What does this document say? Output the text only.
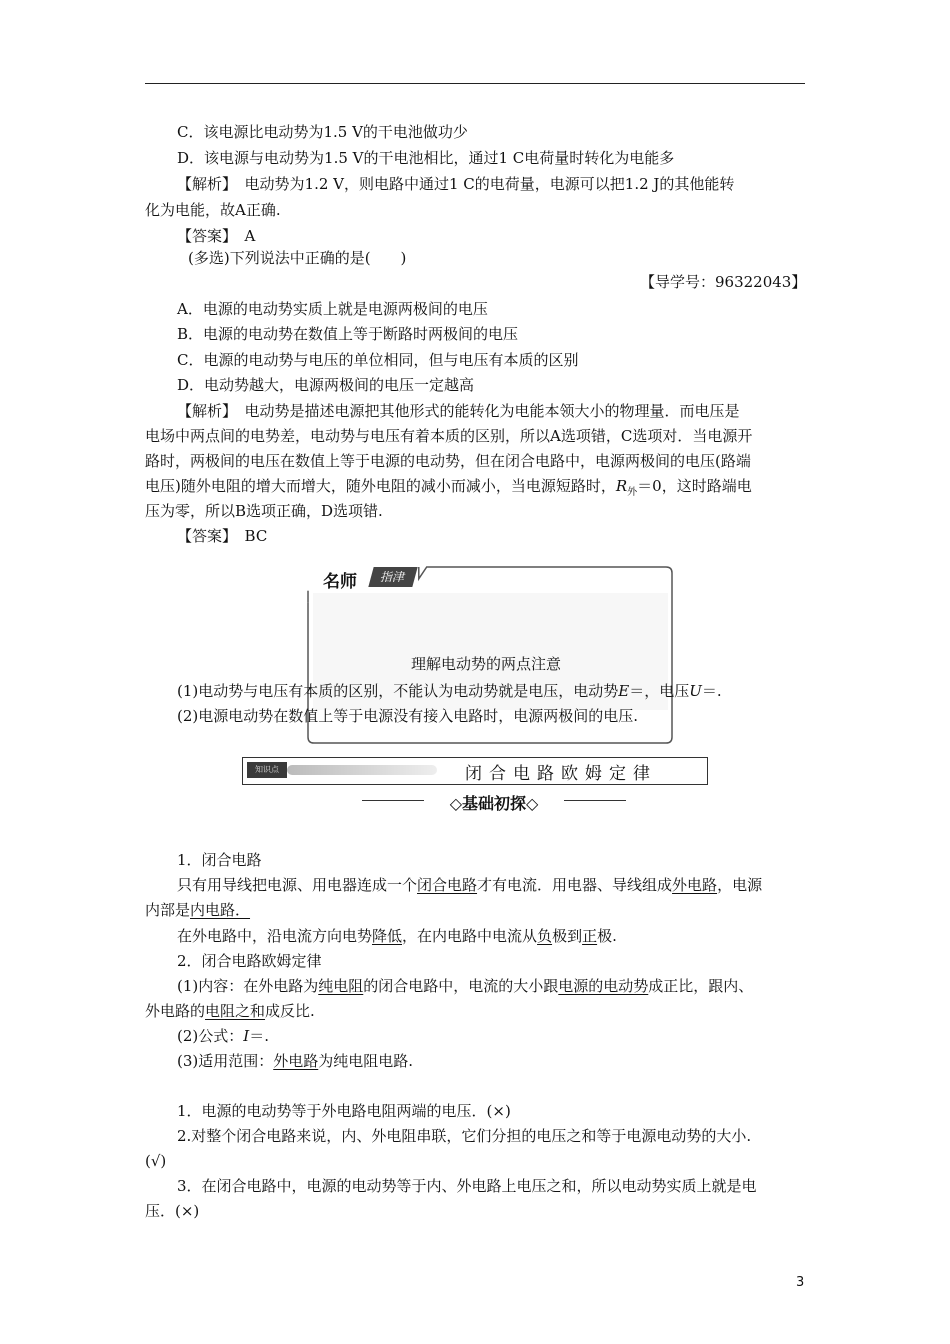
C．该电源比电动势为1.5 V的干电池做功少
D．该电源与电动势为1.5 V的干电池相比，通过1 C电荷量时转化为电能多
【解析】　 电动势为1.2 V，则电路中通过1 C的电荷量，电源可以把1.2 J的其他能转
化为电能，故A正确.
【答案】　 A
(多选)下列说法中正确的是(　　)
【导学号：96322043】
A．电源的电动势实质上就是电源两极间的电压
B．电源的电动势在数值上等于断路时两极间的电压
C．电源的电动势与电压的单位相同，但与电压有本质的区别
D．电动势越大，电源两极间的电压一定越高
【解析】　 电动势是描述电源把其他形式的能转化为电能本领大小的物理量．而电压是
电场中两点间的电势差，电动势与电压有着本质的区别，所以A选项错，C选项对．当电源开
路时，两极间的电压在数值上等于电源的电动势，但在闭合电路中，电源两极间的电压(路端
电压)随外电阻的增大而增大，随外电阻的减小而减小，当电源短路时，$R_外=0$，这时路端电
压为零，所以B选项正确，D选项错.
【答案】　 BC
名师	指津
理解电动势的两点注意
(1)电动势与电压有本质的区别，不能认为电动势就是电压，电动势E＝，电压U＝.
(2)电源电动势在数值上等于电源没有接入电路时，电源两极间的电压.
知识点	闭合电路欧姆定律
◇基础初探◇
1．闭合电路
只有用导线把电源、用电器连成一个闭合电路才有电流．用电器、导线组成外电路，电源
内部是内电路．
在外电路中，沿电流方向电势降低，在内电路中电流从负极到正极.
2．闭合电路欧姆定律
(1)内容：在外电路为纯电阻的闭合电路中，电流的大小跟电源的电动势成正比，跟内、
外电路的电阻之和成反比.
(2)公式：I＝.
(3)适用范围：外电路为纯电阻电路.
1．电源的电动势等于外电路电阻两端的电压．(×)
2.对整个闭合电路来说，内、外电阻串联，它们分担的电压之和等于电源电动势的大小.
(√)
3．在闭合电路中，电源的电动势等于内、外电路上电压之和，所以电动势实质上就是电
压．(×)
3
